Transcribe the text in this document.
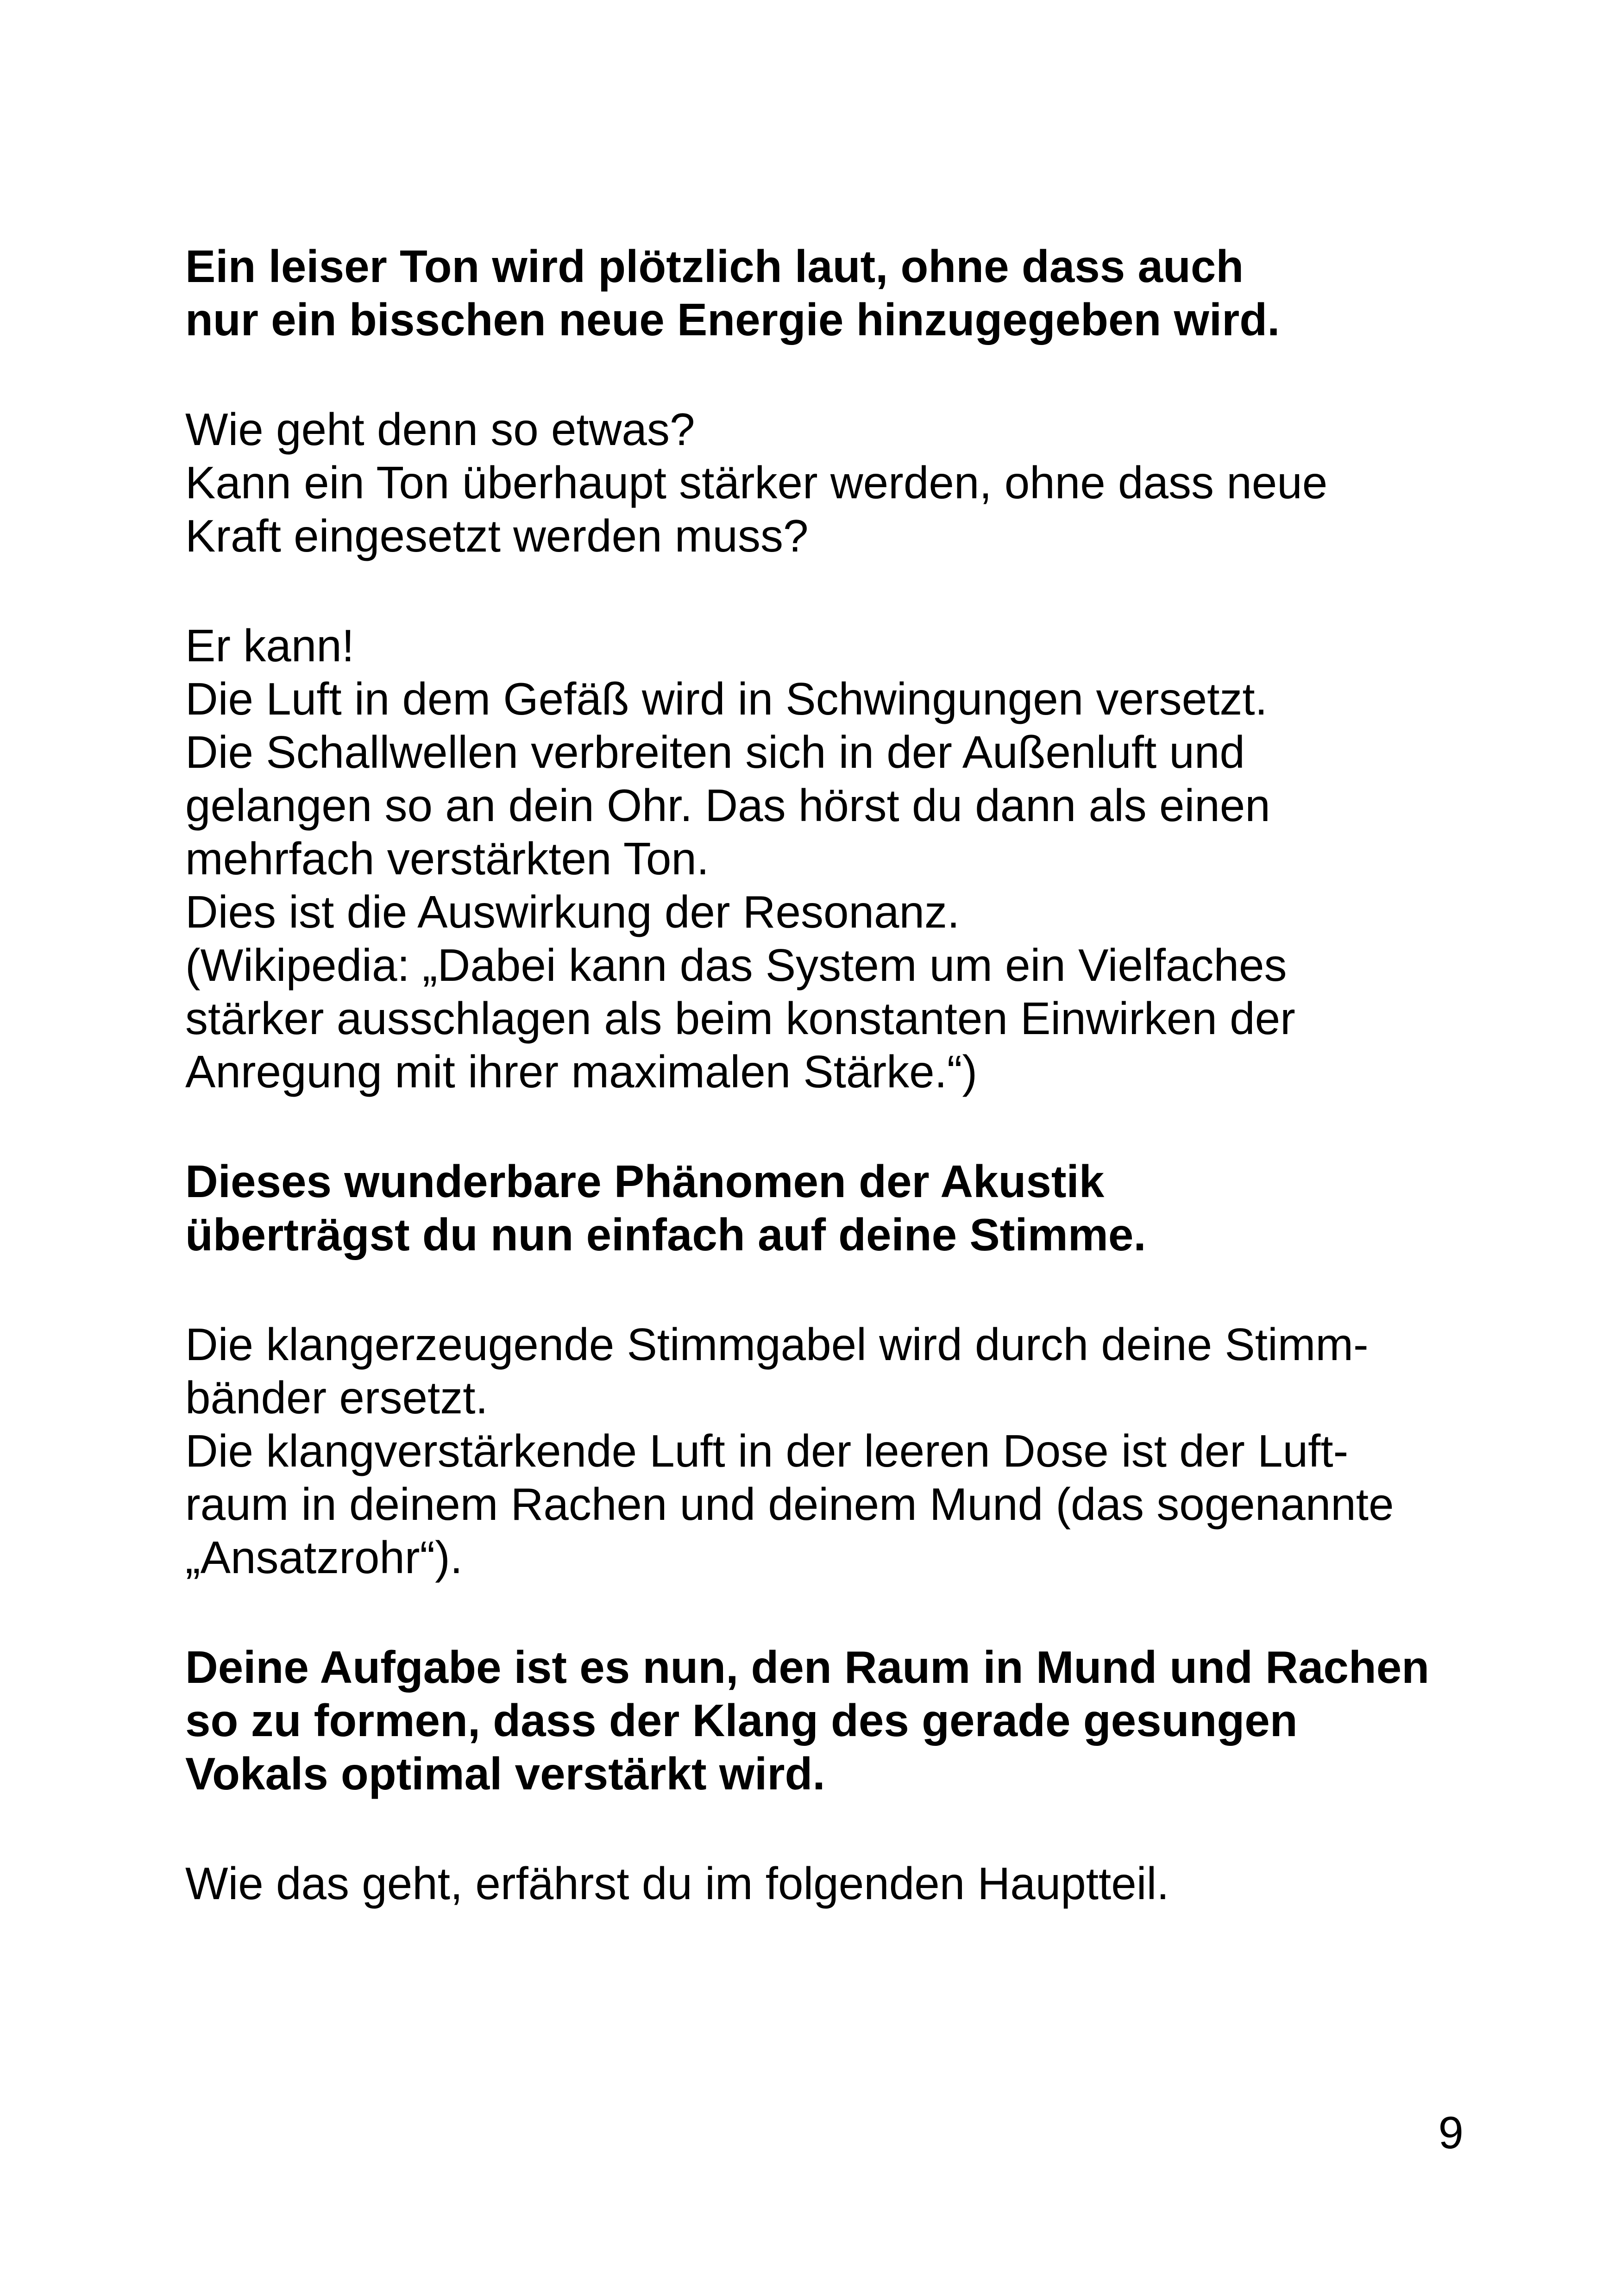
Ein leiser Ton wird plötzlich laut, ohne dass auch
nur ein bisschen neue Energie hinzugegeben wird.
Wie geht denn so etwas?
Kann ein Ton überhaupt stärker werden, ohne dass neue
Kraft eingesetzt werden muss?
Er kann!
Die Luft in dem Gefäß wird in Schwingungen versetzt.
Die Schallwellen verbreiten sich in der Außenluft und
gelangen so an dein Ohr. Das hörst du dann als einen
mehrfach verstärkten Ton.
Dies ist die Auswirkung der Resonanz.
(Wikipedia: „Dabei kann das System um ein Vielfaches
stärker ausschlagen als beim konstanten Einwirken der
Anregung mit ihrer maximalen Stärke.“)
Dieses wunderbare Phänomen der Akustik
überträgst du nun einfach auf deine Stimme.
Die klangerzeugende Stimmgabel wird durch deine Stimm-
bänder ersetzt.
Die klangverstärkende Luft in der leeren Dose ist der Luft-
raum in deinem Rachen und deinem Mund (das sogenannte
„Ansatzrohr“).
Deine Aufgabe ist es nun, den Raum in Mund und Rachen
so zu formen, dass der Klang des gerade gesungen
Vokals optimal verstärkt wird.
Wie das geht, erfährst du im folgenden Hauptteil.
9
